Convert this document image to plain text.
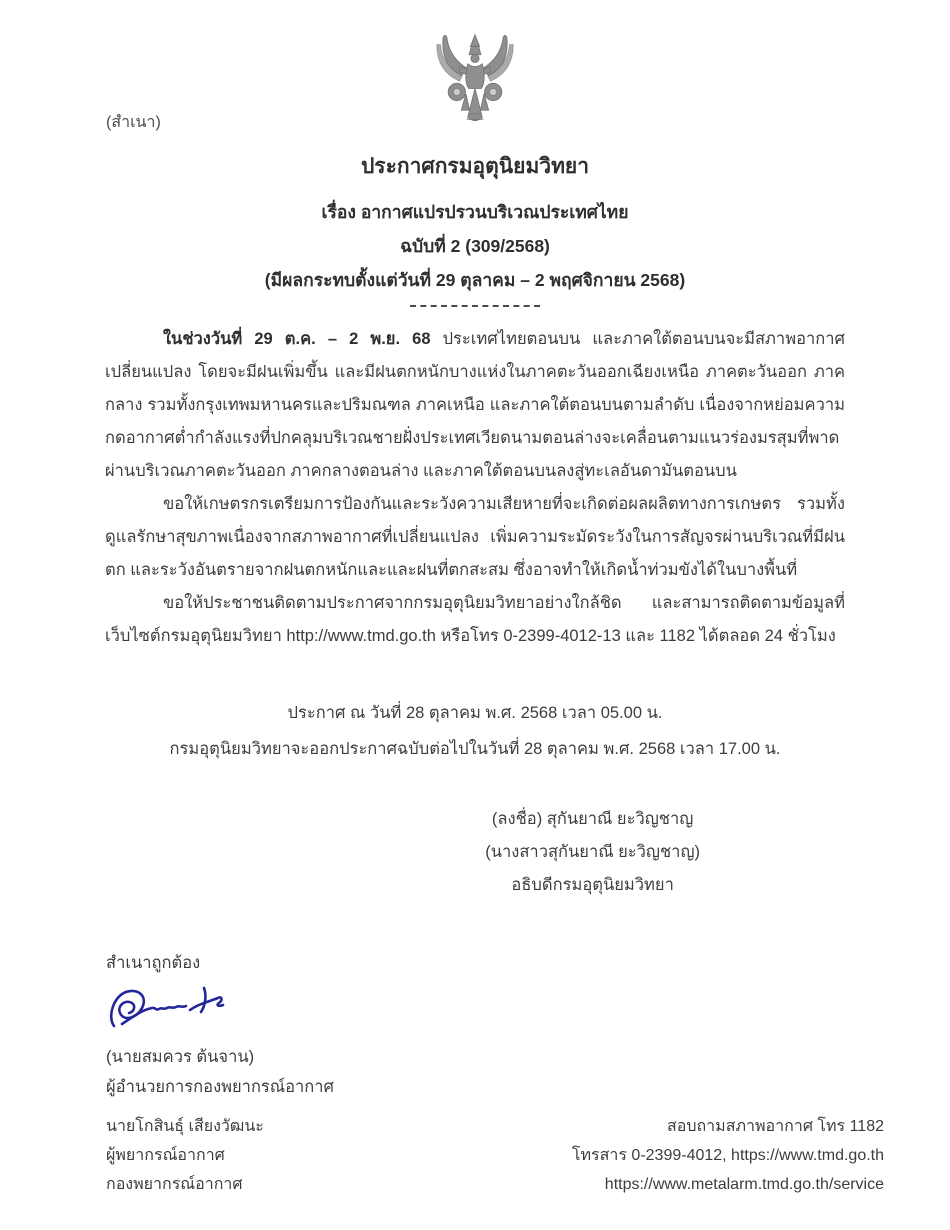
(สำเนา)
ประกาศกรมอุตุนิยมวิทยา
เรื่อง อากาศแปรปรวนบริเวณประเทศไทย
ฉบับที่ 2 (309/2568)
(มีผลกระทบตั้งแต่วันที่ 29 ตุลาคม – 2 พฤศจิกายน 2568)

ในช่วงวันที่ 29 ต.ค. – 2 พ.ย. 68 ประเทศไทยตอนบน และภาคใต้ตอนบนจะมีสภาพอากาศเปลี่ยนแปลง โดยจะมีฝนเพิ่มขึ้น และมีฝนตกหนักบางแห่งในภาคตะวันออกเฉียงเหนือ ภาคตะวันออก ภาคกลาง รวมทั้งกรุงเทพมหานครและปริมณฑล ภาคเหนือ และภาคใต้ตอนบนตามลำดับ เนื่องจากหย่อมความกดอากาศต่ำกำลังแรงที่ปกคลุมบริเวณชายฝั่งประเทศเวียดนามตอนล่างจะเคลื่อนตามแนวร่องมรสุมที่พาดผ่านบริเวณภาคตะวันออก ภาคกลางตอนล่าง และภาคใต้ตอนบนลงสู่ทะเลอันดามันตอนบน

ขอให้เกษตรกรเตรียมการป้องกันและระวังความเสียหายที่จะเกิดต่อผลผลิตทางการเกษตร รวมทั้งดูแลรักษาสุขภาพเนื่องจากสภาพอากาศที่เปลี่ยนแปลง เพิ่มความระมัดระวังในการสัญจรผ่านบริเวณที่มีฝนตก และระวังอันตรายจากฝนตกหนักและและฝนที่ตกสะสม ซึ่งอาจทำให้เกิดน้ำท่วมขังได้ในบางพื้นที่

ขอให้ประชาชนติดตามประกาศจากกรมอุตุนิยมวิทยาอย่างใกล้ชิด และสามารถติดตามข้อมูลที่เว็บไซต์กรมอุตุนิยมวิทยา http://www.tmd.go.th หรือโทร 0-2399-4012-13 และ 1182 ได้ตลอด 24 ชั่วโมง

ประกาศ ณ วันที่ 28 ตุลาคม พ.ศ. 2568 เวลา 05.00 น.
กรมอุตุนิยมวิทยาจะออกประกาศฉบับต่อไปในวันที่ 28 ตุลาคม พ.ศ. 2568 เวลา 17.00 น.
(ลงชื่อ) สุกันยาณี ยะวิญชาญ
(นางสาวสุกันยาณี ยะวิญชาญ)
อธิบดีกรมอุตุนิยมวิทยา
สำเนาถูกต้อง
(นายสมควร ต้นจาน)
ผู้อำนวยการกองพยากรณ์อากาศ
นายโกสินธุ์ เสียงวัฒนะ
ผู้พยากรณ์อากาศ
กองพยากรณ์อากาศ
สอบถามสภาพอากาศ โทร 1182
โทรสาร 0-2399-4012, https://www.tmd.go.th
https://www.metalarm.tmd.go.th/service
